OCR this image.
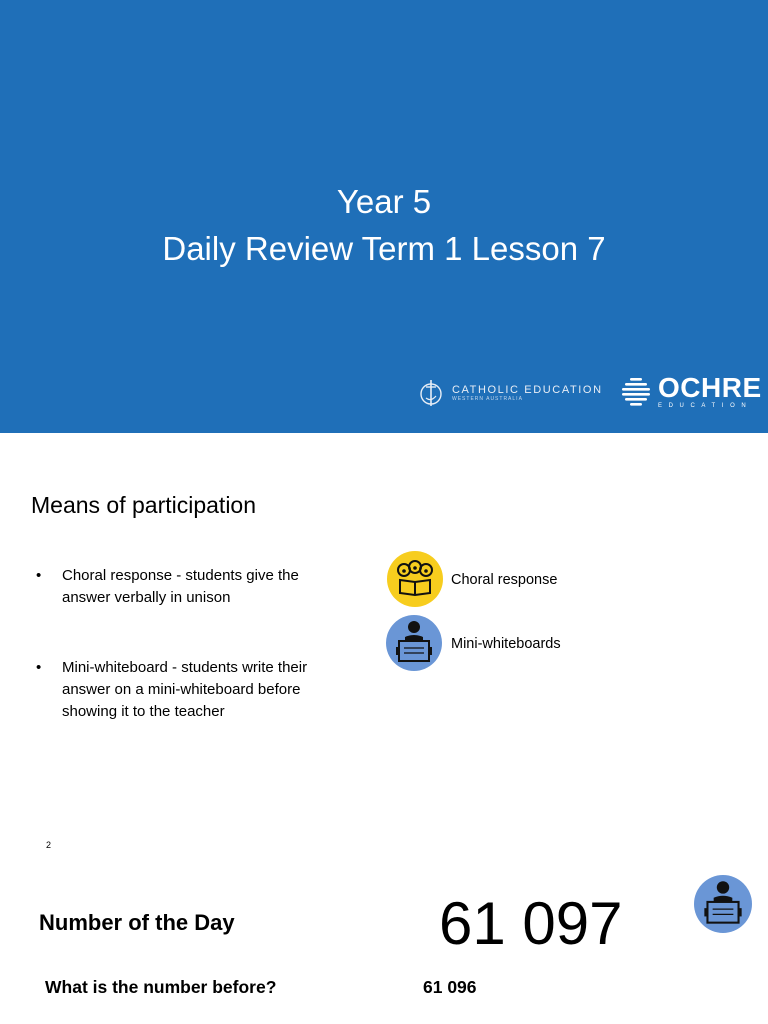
Year 5
Daily Review Term 1 Lesson 7
CATHOLIC EDUCATION
WESTERN AUSTRALIA	OCHRE
EDUCATION
Means of participation
•	Choral response - students give the answer verbally in unison
•	Mini-whiteboard - students write their answer on a mini-whiteboard before showing it to the teacher
Choral response
Mini-whiteboards
2
Number of the Day	61 097
What is the number before?	61 096
